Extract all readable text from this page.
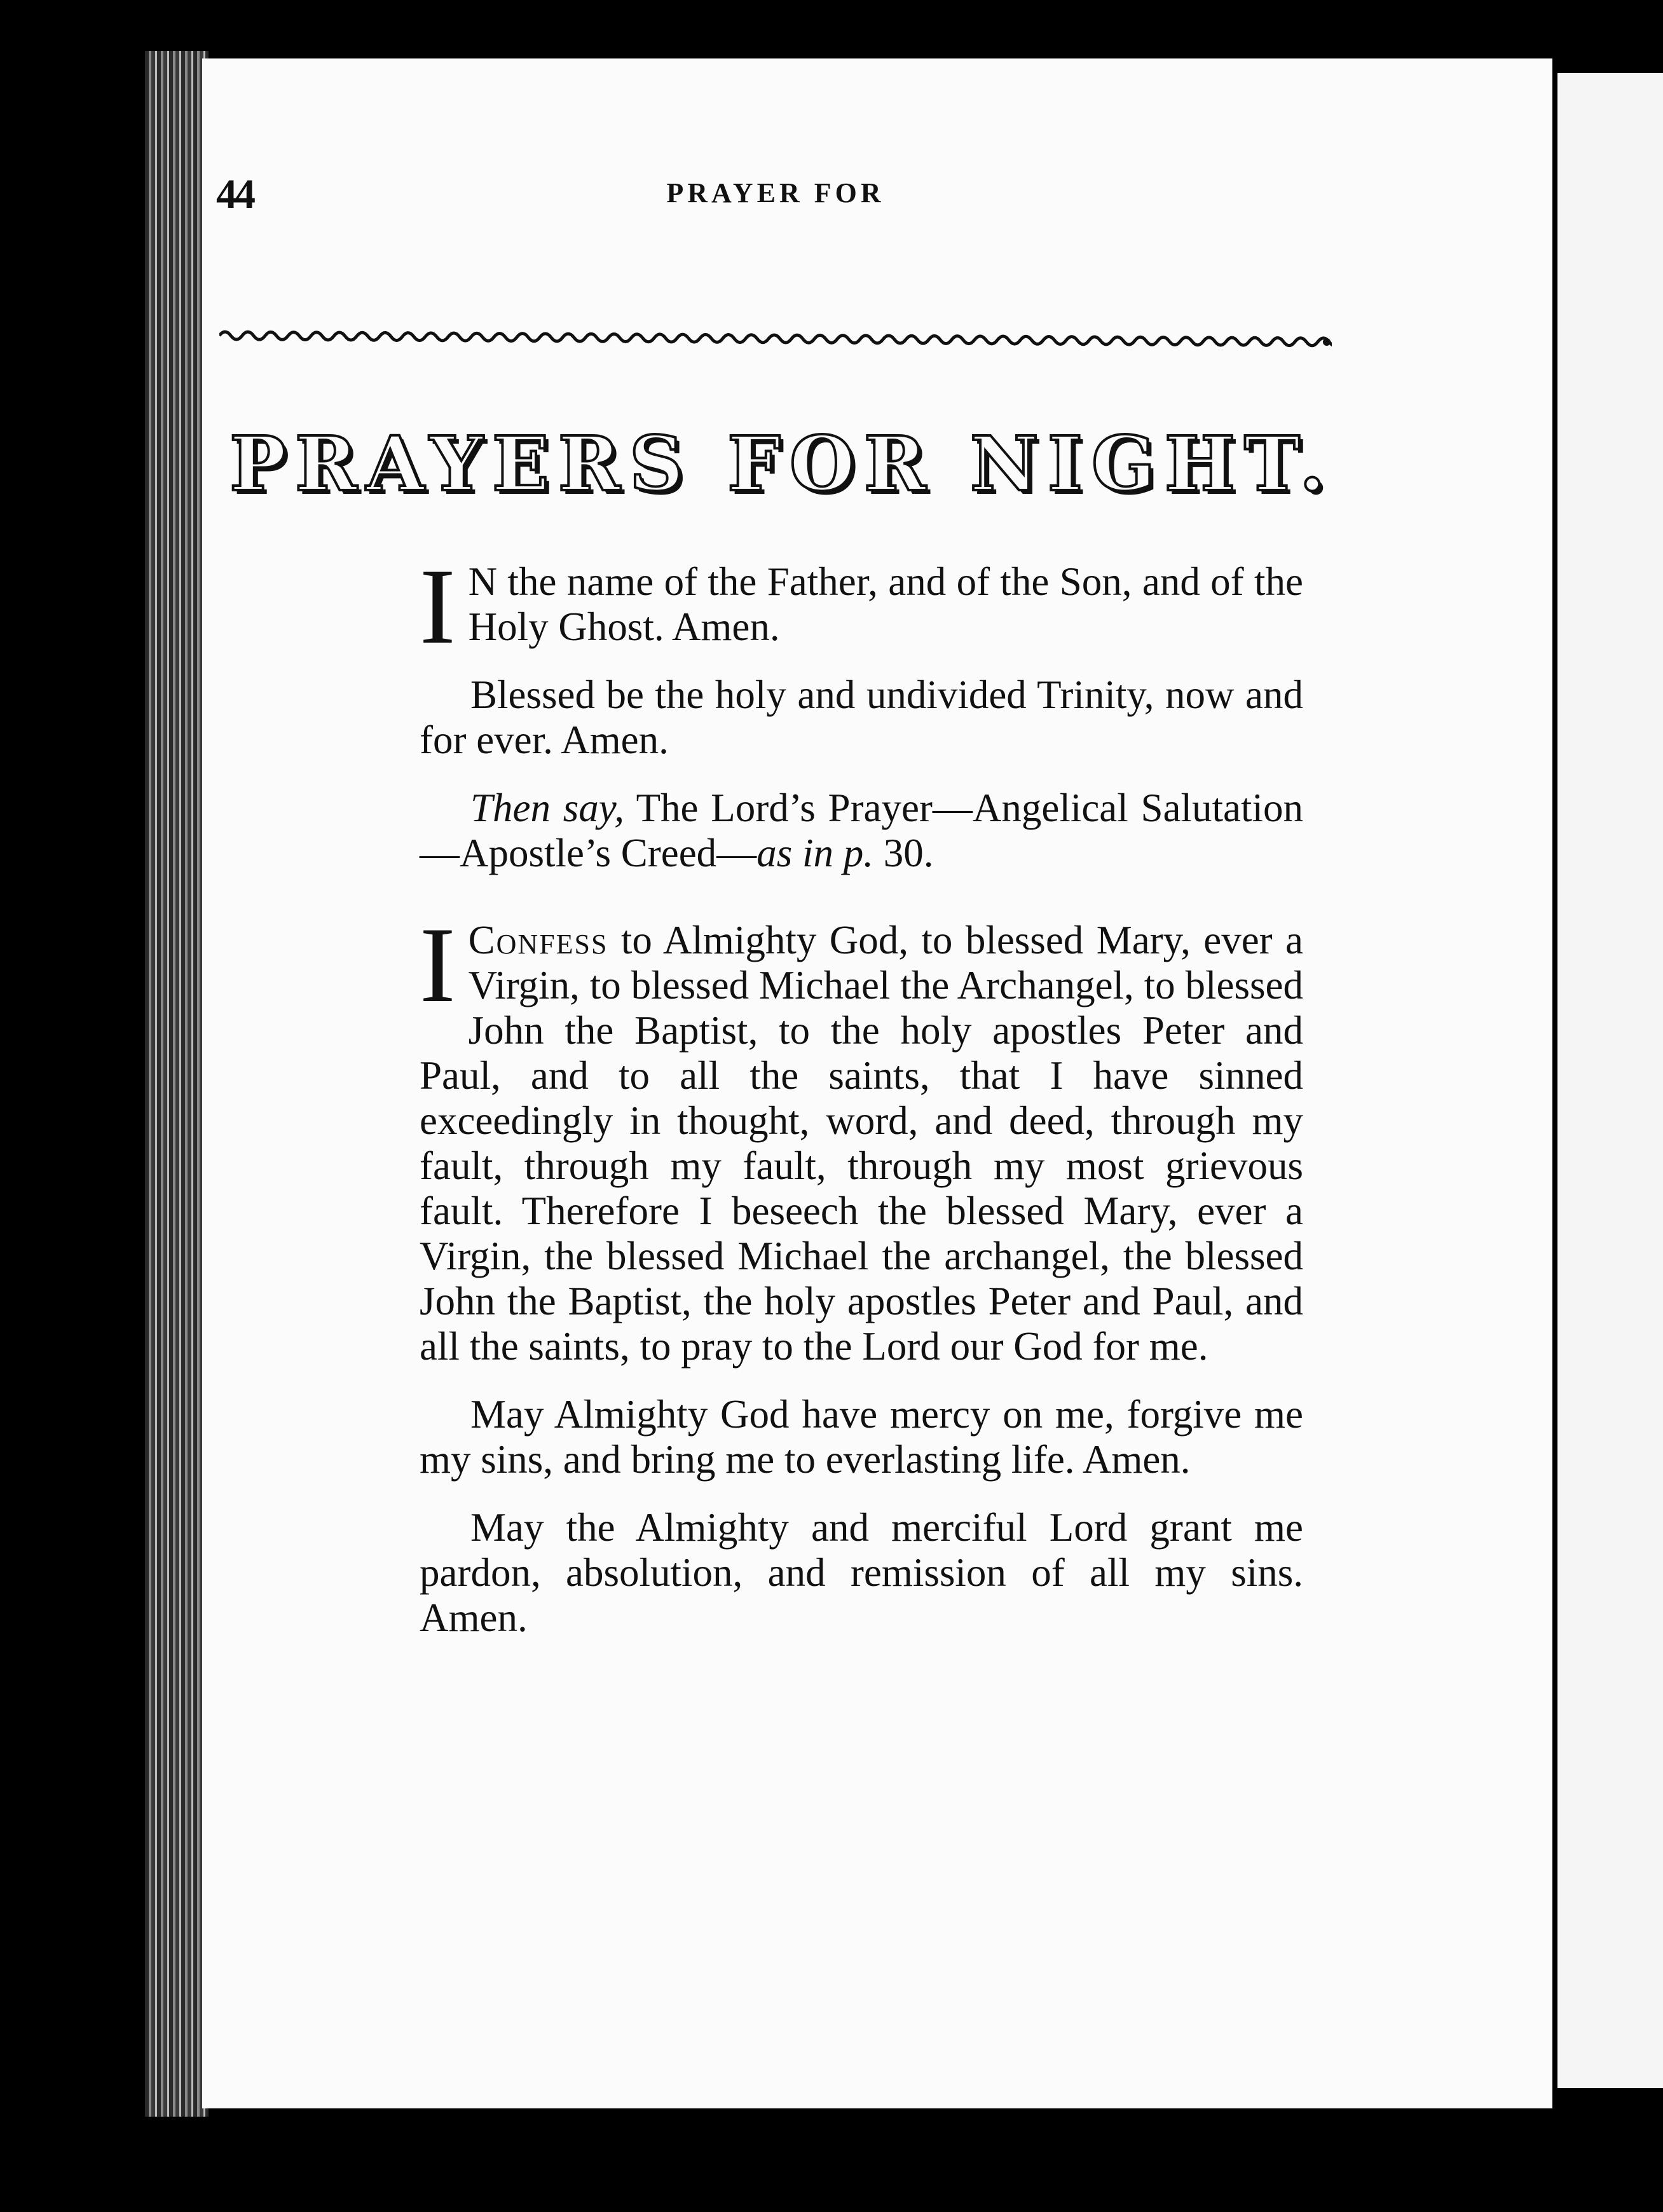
44	PRAYER FOR
PRAYERS FOR NIGHT.
I N the name of the Father, and of the Son, and of the Holy Ghost. Amen.

Blessed be the holy and undivided Trinity, now and for ever. Amen.

Then say, The Lord’s Prayer—Angelical Salutation—Apostle’s Creed—as in p. 30.

I Confess to Almighty God, to blessed Mary, ever a Virgin, to blessed Michael the Archangel, to blessed John the Baptist, to the holy apostles Peter and Paul, and to all the saints, that I have sinned exceedingly in thought, word, and deed, through my fault, through my fault, through my most grievous fault. Therefore I beseech the blessed Mary, ever a Virgin, the blessed Michael the archangel, the blessed John the Baptist, the holy apostles Peter and Paul, and all the saints, to pray to the Lord our God for me.

May Almighty God have mercy on me, forgive me my sins, and bring me to everlasting life. Amen.

May the Almighty and merciful Lord grant me pardon, absolution, and remission of all my sins. Amen.
